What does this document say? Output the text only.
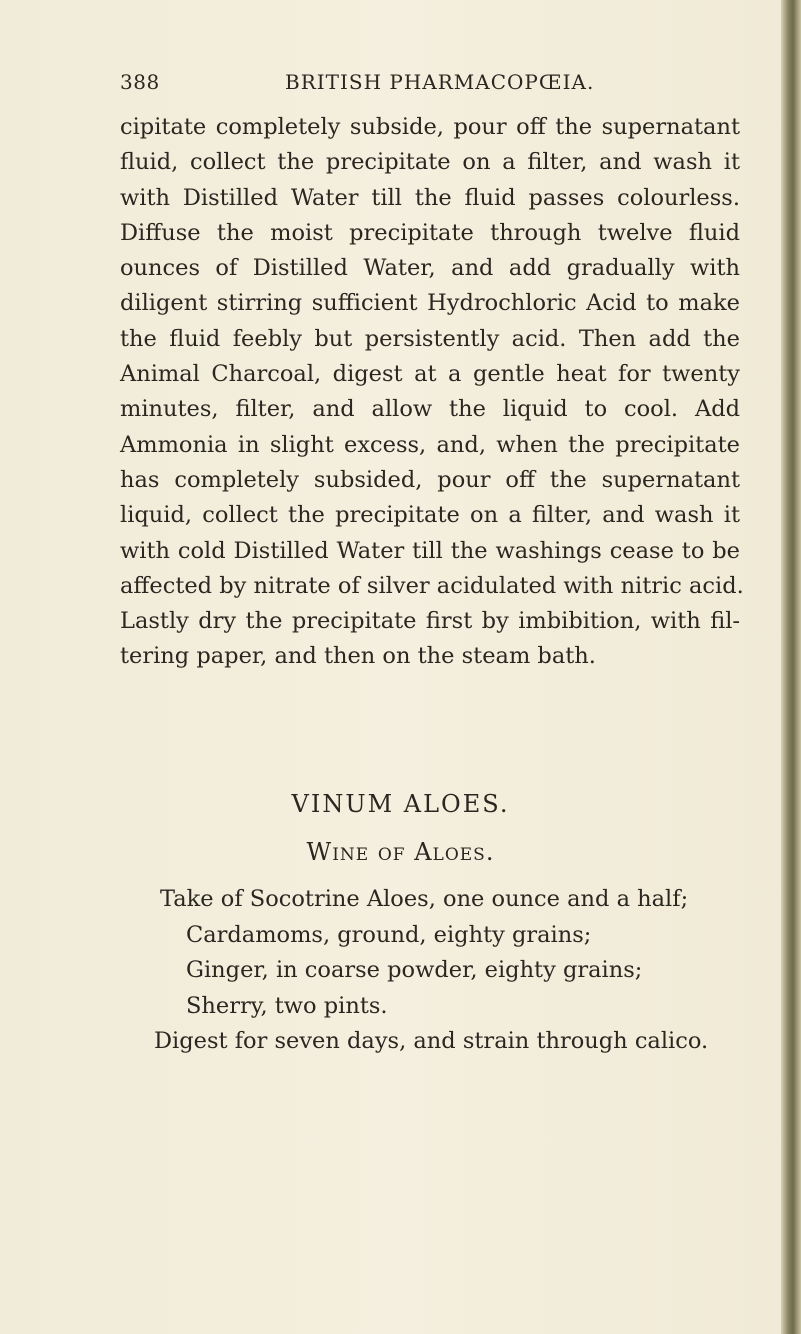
388	BRITISH PHARMACOPŒIA.
cipitate completely subside, pour off the supernatant
fluid, collect the precipitate on a filter, and wash it
with Distilled Water till the fluid passes colourless.
Diffuse the moist precipitate through twelve fluid
ounces of Distilled Water, and add gradually with
diligent stirring sufficient Hydrochloric Acid to make
the fluid feebly but persistently acid. Then add the
Animal Charcoal, digest at a gentle heat for twenty
minutes, filter, and allow the liquid to cool. Add
Ammonia in slight excess, and, when the precipitate
has completely subsided, pour off the supernatant
liquid, collect the precipitate on a filter, and wash it
with cold Distilled Water till the washings cease to be
affected by nitrate of silver acidulated with nitric acid.
Lastly dry the precipitate first by imbibition, with fil-
tering paper, and then on the steam bath.
VINUM ALOES.
Wine of Aloes.
Take of Socotrine Aloes, one ounce and a half;
Cardamoms, ground, eighty grains;
Ginger, in coarse powder, eighty grains;
Sherry, two pints.
Digest for seven days, and strain through calico.
